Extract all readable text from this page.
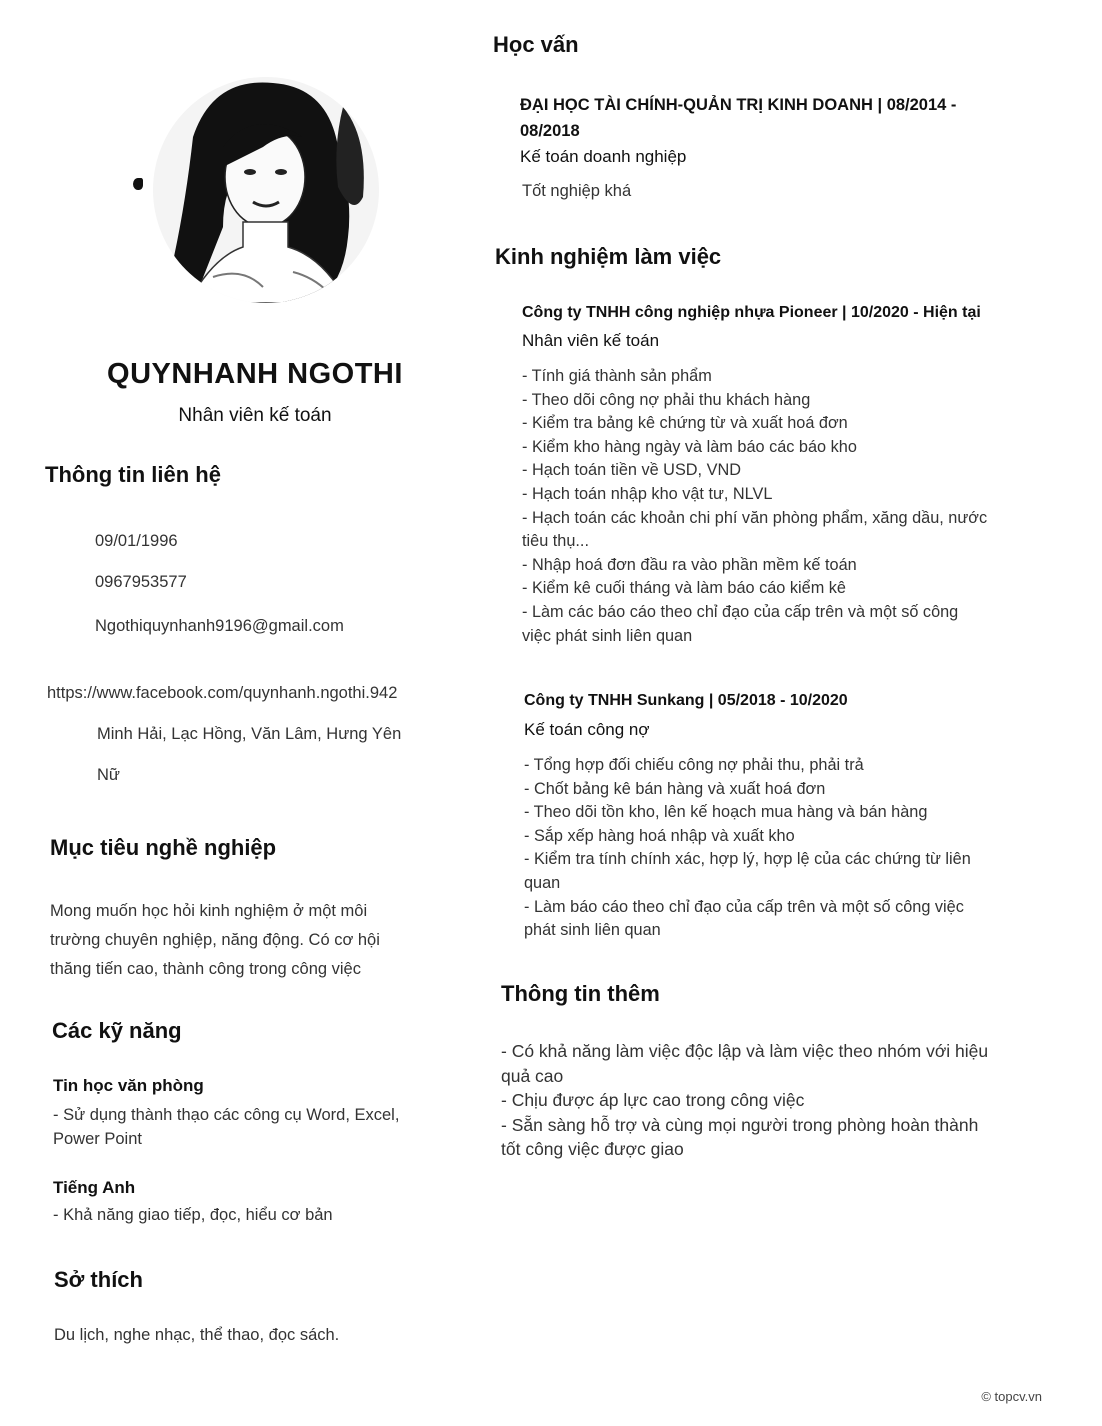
QUYNHANH NGOTHI
Nhân viên kế toán
Thông tin liên hệ
09/01/1996
0967953577
Ngothiquynhanh9196@gmail.com
https://www.facebook.com/quynhanh.ngothi.942
Minh Hải, Lạc Hồng, Văn Lâm, Hưng Yên
Nữ
Mục tiêu nghề nghiệp
Mong muốn học hỏi kinh nghiệm ở một môi
trường chuyên nghiệp, năng động. Có cơ hội
thăng tiến cao, thành công trong công việc
Các kỹ năng
Tin học văn phòng
- Sử dụng thành thạo các công cụ Word, Excel,
Power Point
Tiếng Anh
- Khả năng giao tiếp, đọc, hiểu cơ bản
Sở thích
Du lịch, nghe nhạc, thể thao, đọc sách.
Học vấn
ĐẠI HỌC TÀI CHÍNH-QUẢN TRỊ KINH DOANH | 08/2014 -
08/2018
Kế toán doanh nghiệp
Tốt nghiệp khá
Kinh nghiệm làm việc
Công ty TNHH công nghiệp nhựa Pioneer | 10/2020 - Hiện tại
Nhân viên kế toán
- Tính giá thành sản phẩm
- Theo dõi công nợ phải thu khách hàng
- Kiểm tra bảng kê chứng từ và xuất hoá đơn
- Kiểm kho hàng ngày và làm báo các báo kho
- Hạch toán tiền về USD, VND
- Hạch toán nhập kho vật tư, NLVL
- Hạch toán các khoản chi phí văn phòng phẩm, xăng dầu, nước
tiêu thụ...
- Nhập hoá đơn đầu ra vào phần mềm kế toán
- Kiểm kê cuối tháng và làm báo cáo kiểm kê
- Làm các báo cáo theo chỉ đạo của cấp trên và một số công
việc phát sinh liên quan
Công ty TNHH Sunkang | 05/2018 - 10/2020
Kế toán công nợ
- Tổng hợp đối chiếu công nợ phải thu, phải trả
- Chốt bảng kê bán hàng và xuất hoá đơn
- Theo dõi tồn kho, lên kế hoạch mua hàng và bán hàng
- Sắp xếp hàng hoá nhập và xuất kho
- Kiểm tra tính chính xác, hợp lý, hợp lệ của các chứng từ liên
quan
- Làm báo cáo theo chỉ đạo của cấp trên và một số công việc
phát sinh liên quan
Thông tin thêm
- Có khả năng làm việc độc lập và làm việc theo nhóm với hiệu
quả cao
- Chịu được áp lực cao trong công việc
- Sẵn sàng hỗ trợ và cùng mọi người trong phòng hoàn thành
tốt công việc được giao
© topcv.vn
